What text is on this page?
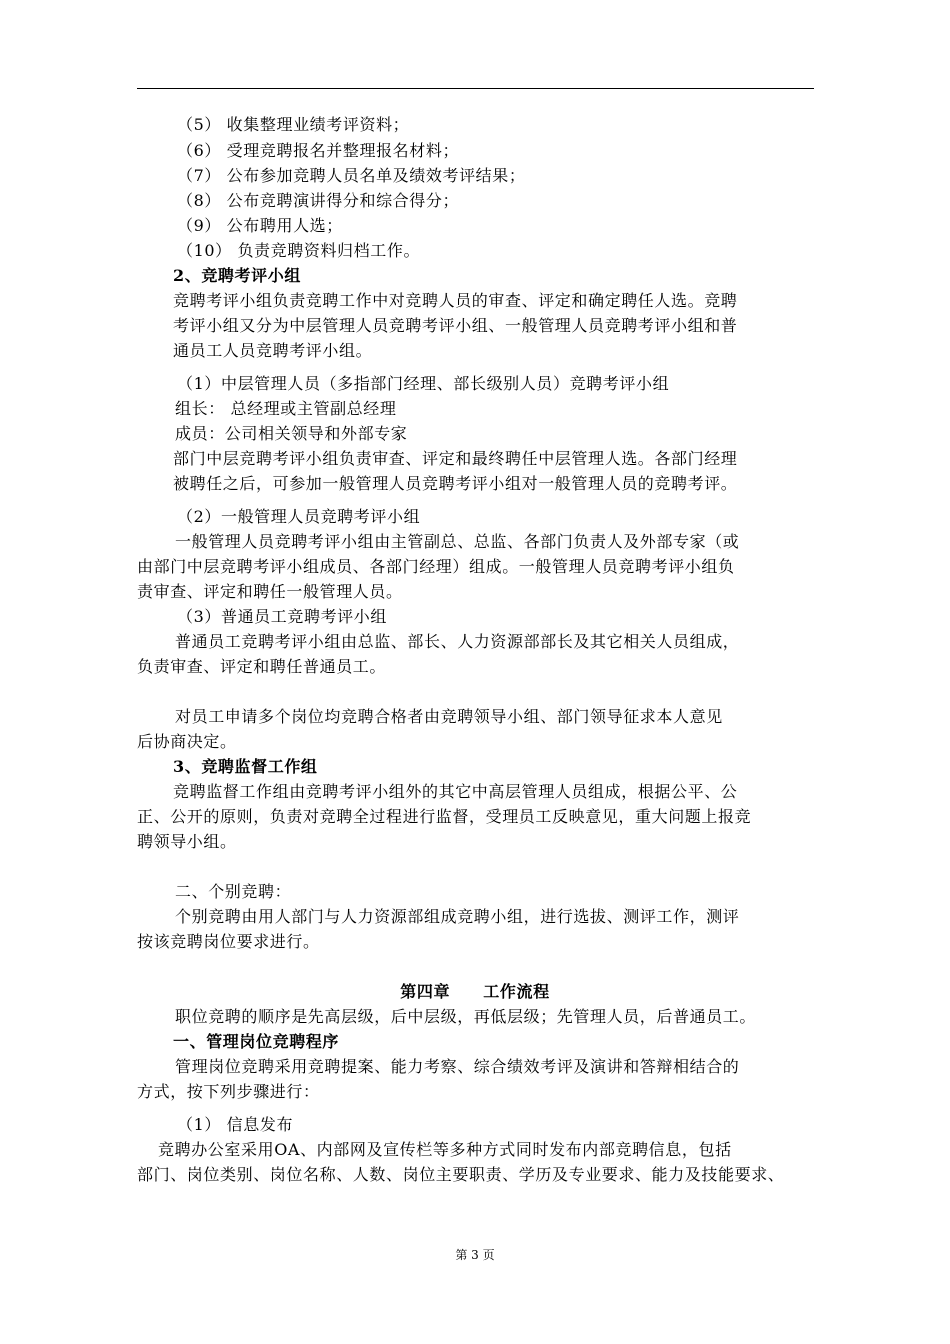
（5） 收集整理业绩考评资料；
（6） 受理竞聘报名并整理报名材料；
（7） 公布参加竞聘人员名单及绩效考评结果；
（8） 公布竞聘演讲得分和综合得分；
（9） 公布聘用人选；
（10） 负责竞聘资料归档工作。
2、竞聘考评小组
竞聘考评小组负责竞聘工作中对竞聘人员的审查、评定和确定聘任人选。竞聘
考评小组又分为中层管理人员竞聘考评小组、一般管理人员竞聘考评小组和普
通员工人员竞聘考评小组。
（1）中层管理人员（多指部门经理、部长级别人员）竞聘考评小组
组长： 总经理或主管副总经理
成员：公司相关领导和外部专家
部门中层竞聘考评小组负责审查、评定和最终聘任中层管理人选。各部门经理
被聘任之后，可参加一般管理人员竞聘考评小组对一般管理人员的竞聘考评。
（2）一般管理人员竞聘考评小组
一般管理人员竞聘考评小组由主管副总、总监、各部门负责人及外部专家（或
由部门中层竞聘考评小组成员、各部门经理）组成。一般管理人员竞聘考评小组负
责审查、评定和聘任一般管理人员。
（3）普通员工竞聘考评小组
普通员工竞聘考评小组由总监、部长、人力资源部部长及其它相关人员组成，
负责审查、评定和聘任普通员工。
对员工申请多个岗位均竞聘合格者由竞聘领导小组、部门领导征求本人意见
后协商决定。
3、竞聘监督工作组
竞聘监督工作组由竞聘考评小组外的其它中高层管理人员组成，根据公平、公
正、公开的原则，负责对竞聘全过程进行监督，受理员工反映意见，重大问题上报竞
聘领导小组。
二、个别竞聘：
个别竞聘由用人部门与人力资源部组成竞聘小组，进行选拔、测评工作，测评
按该竞聘岗位要求进行。
第四章　　工作流程
职位竞聘的顺序是先高层级，后中层级，再低层级；先管理人员，后普通员工。
一、管理岗位竞聘程序
管理岗位竞聘采用竞聘提案、能力考察、综合绩效考评及演讲和答辩相结合的
方式，按下列步骤进行：
（1） 信息发布
竞聘办公室采用OA、内部网及宣传栏等多种方式同时发布内部竞聘信息，包括
部门、岗位类别、岗位名称、人数、岗位主要职责、学历及专业要求、能力及技能要求、
第 3 页
